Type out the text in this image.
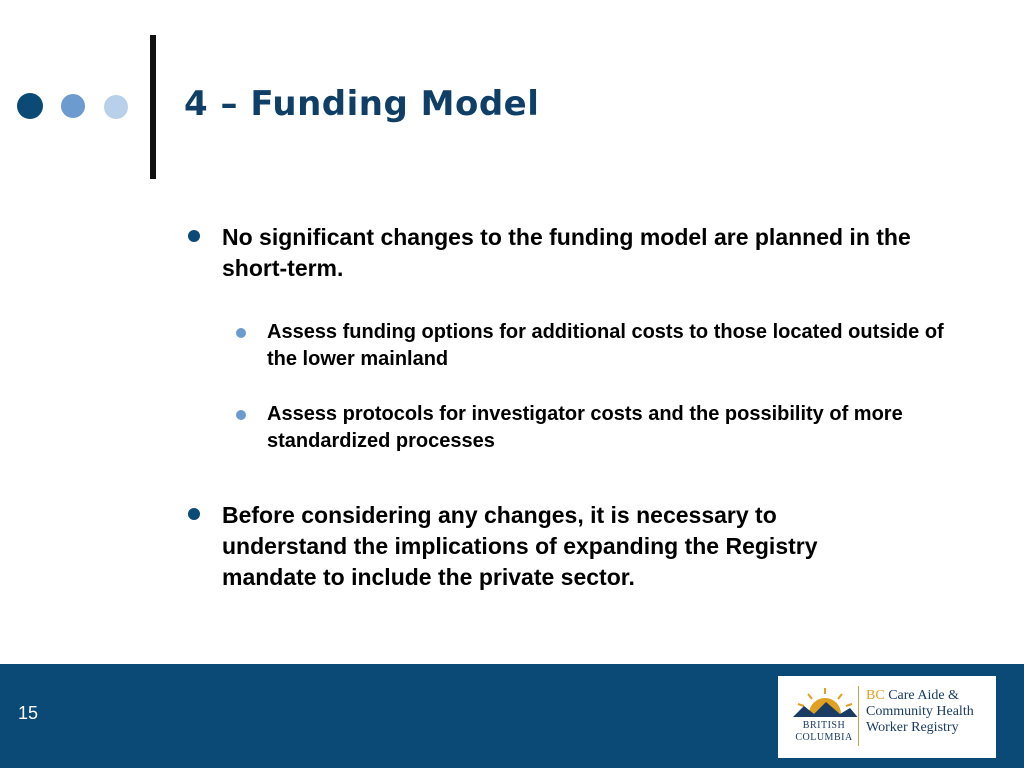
4 – Funding Model
No significant changes to the funding model are planned in the short-term.
Assess funding options for additional costs to those located outside of the lower mainland
Assess protocols for investigator costs and the possibility of more standardized processes
Before considering any changes, it is necessary to understand the implications of expanding the Registry mandate to include the private sector.
15
BRITISH
COLUMBIA
BC Care Aide &
Community Health
Worker Registry
